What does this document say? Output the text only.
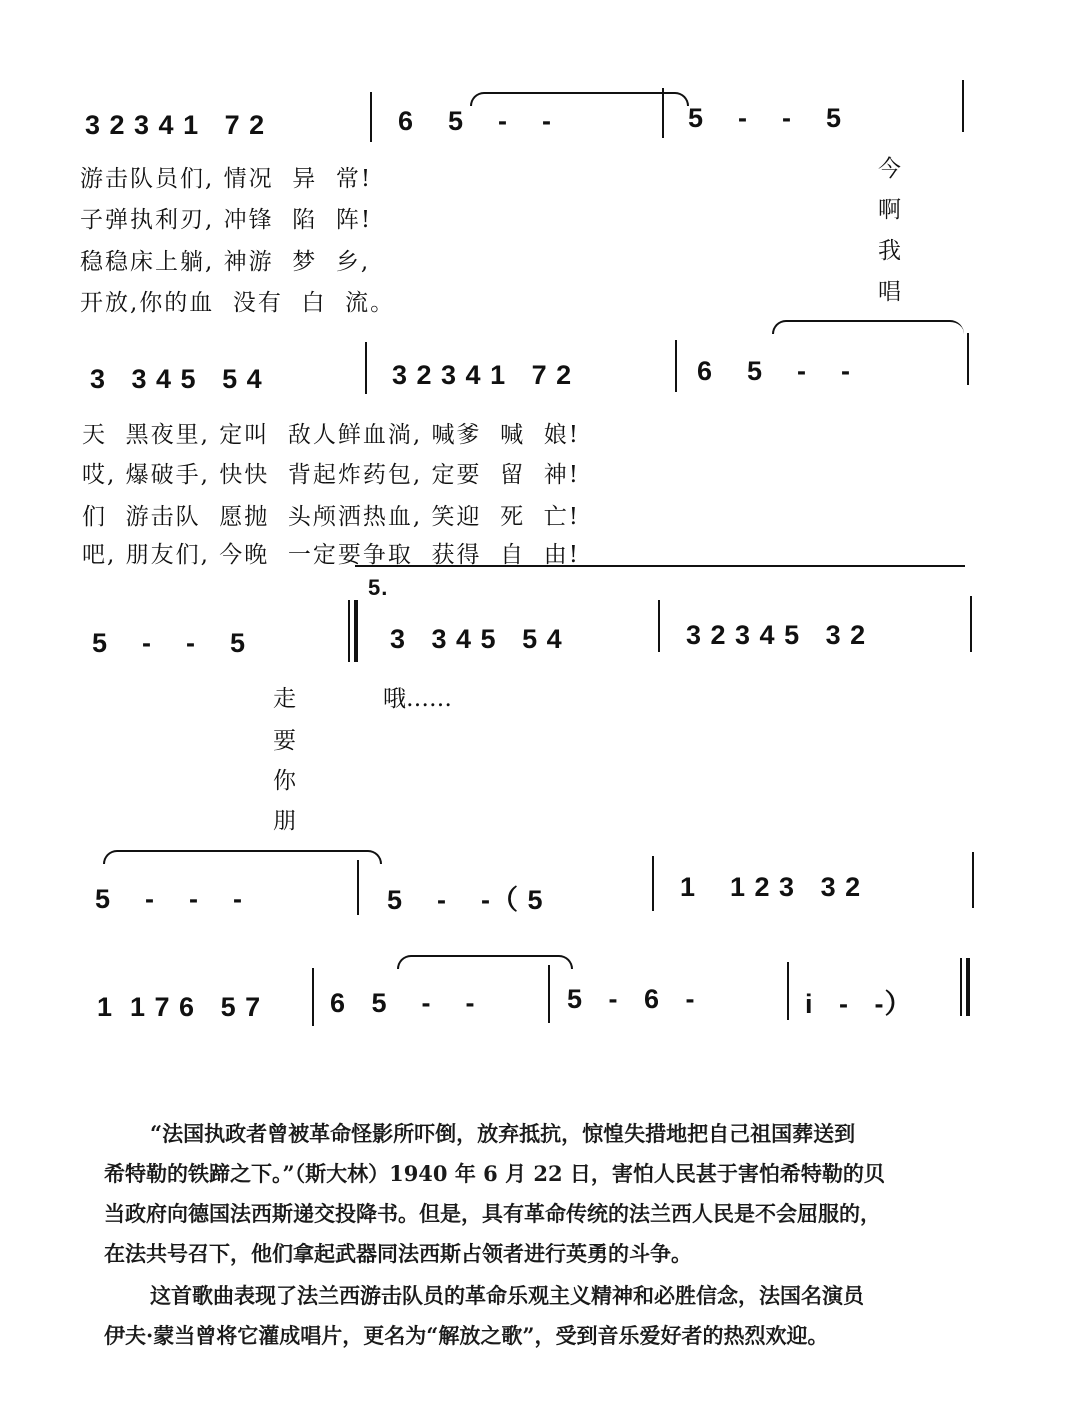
3 2 3 4 1   7 2	6    5    -    -	5    -    -    5
游击队员们, 情况  异  常!
子弹执利刃, 冲锋  陷  阵!
稳稳床上躺, 神游  梦  乡,
开放,你的血  没有  白  流。
今
啊
我
唱
3   3 4 5   5 4	3 2 3 4 1   7 2	6    5    -    -
天  黑夜里, 定叫  敌人鲜血淌, 喊爹  喊  娘!
哎, 爆破手, 快快  背起炸药包, 定要  留  神!
们  游击队  愿抛  头颅洒热血, 笑迎  死  亡!
吧, 朋友们, 今晚  一定要争取  获得  自  由!
5.
5    -    -    5	3   3 4 5   5 4	3 2 3 4 5   3 2
走
要
你
朋
哦……
5    -    -    -	5    -    -（ 5	1    1 2 3   3 2
1  1 7 6   5 7	6   5    -    -	5   -   6   -	i   -   -）
“法国执政者曾被革命怪影所吓倒，放弃抵抗，惊惶失措地把自己祖国葬送到
希特勒的铁蹄之下。”（斯大林）1940 年 6 月 22 日，害怕人民甚于害怕希特勒的贝
当政府向德国法西斯递交投降书。但是，具有革命传统的法兰西人民是不会屈服的，
在法共号召下，他们拿起武器同法西斯占领者进行英勇的斗争。
这首歌曲表现了法兰西游击队员的革命乐观主义精神和必胜信念，法国名演员
伊夫·蒙当曾将它灌成唱片，更名为“解放之歌”，受到音乐爱好者的热烈欢迎。
